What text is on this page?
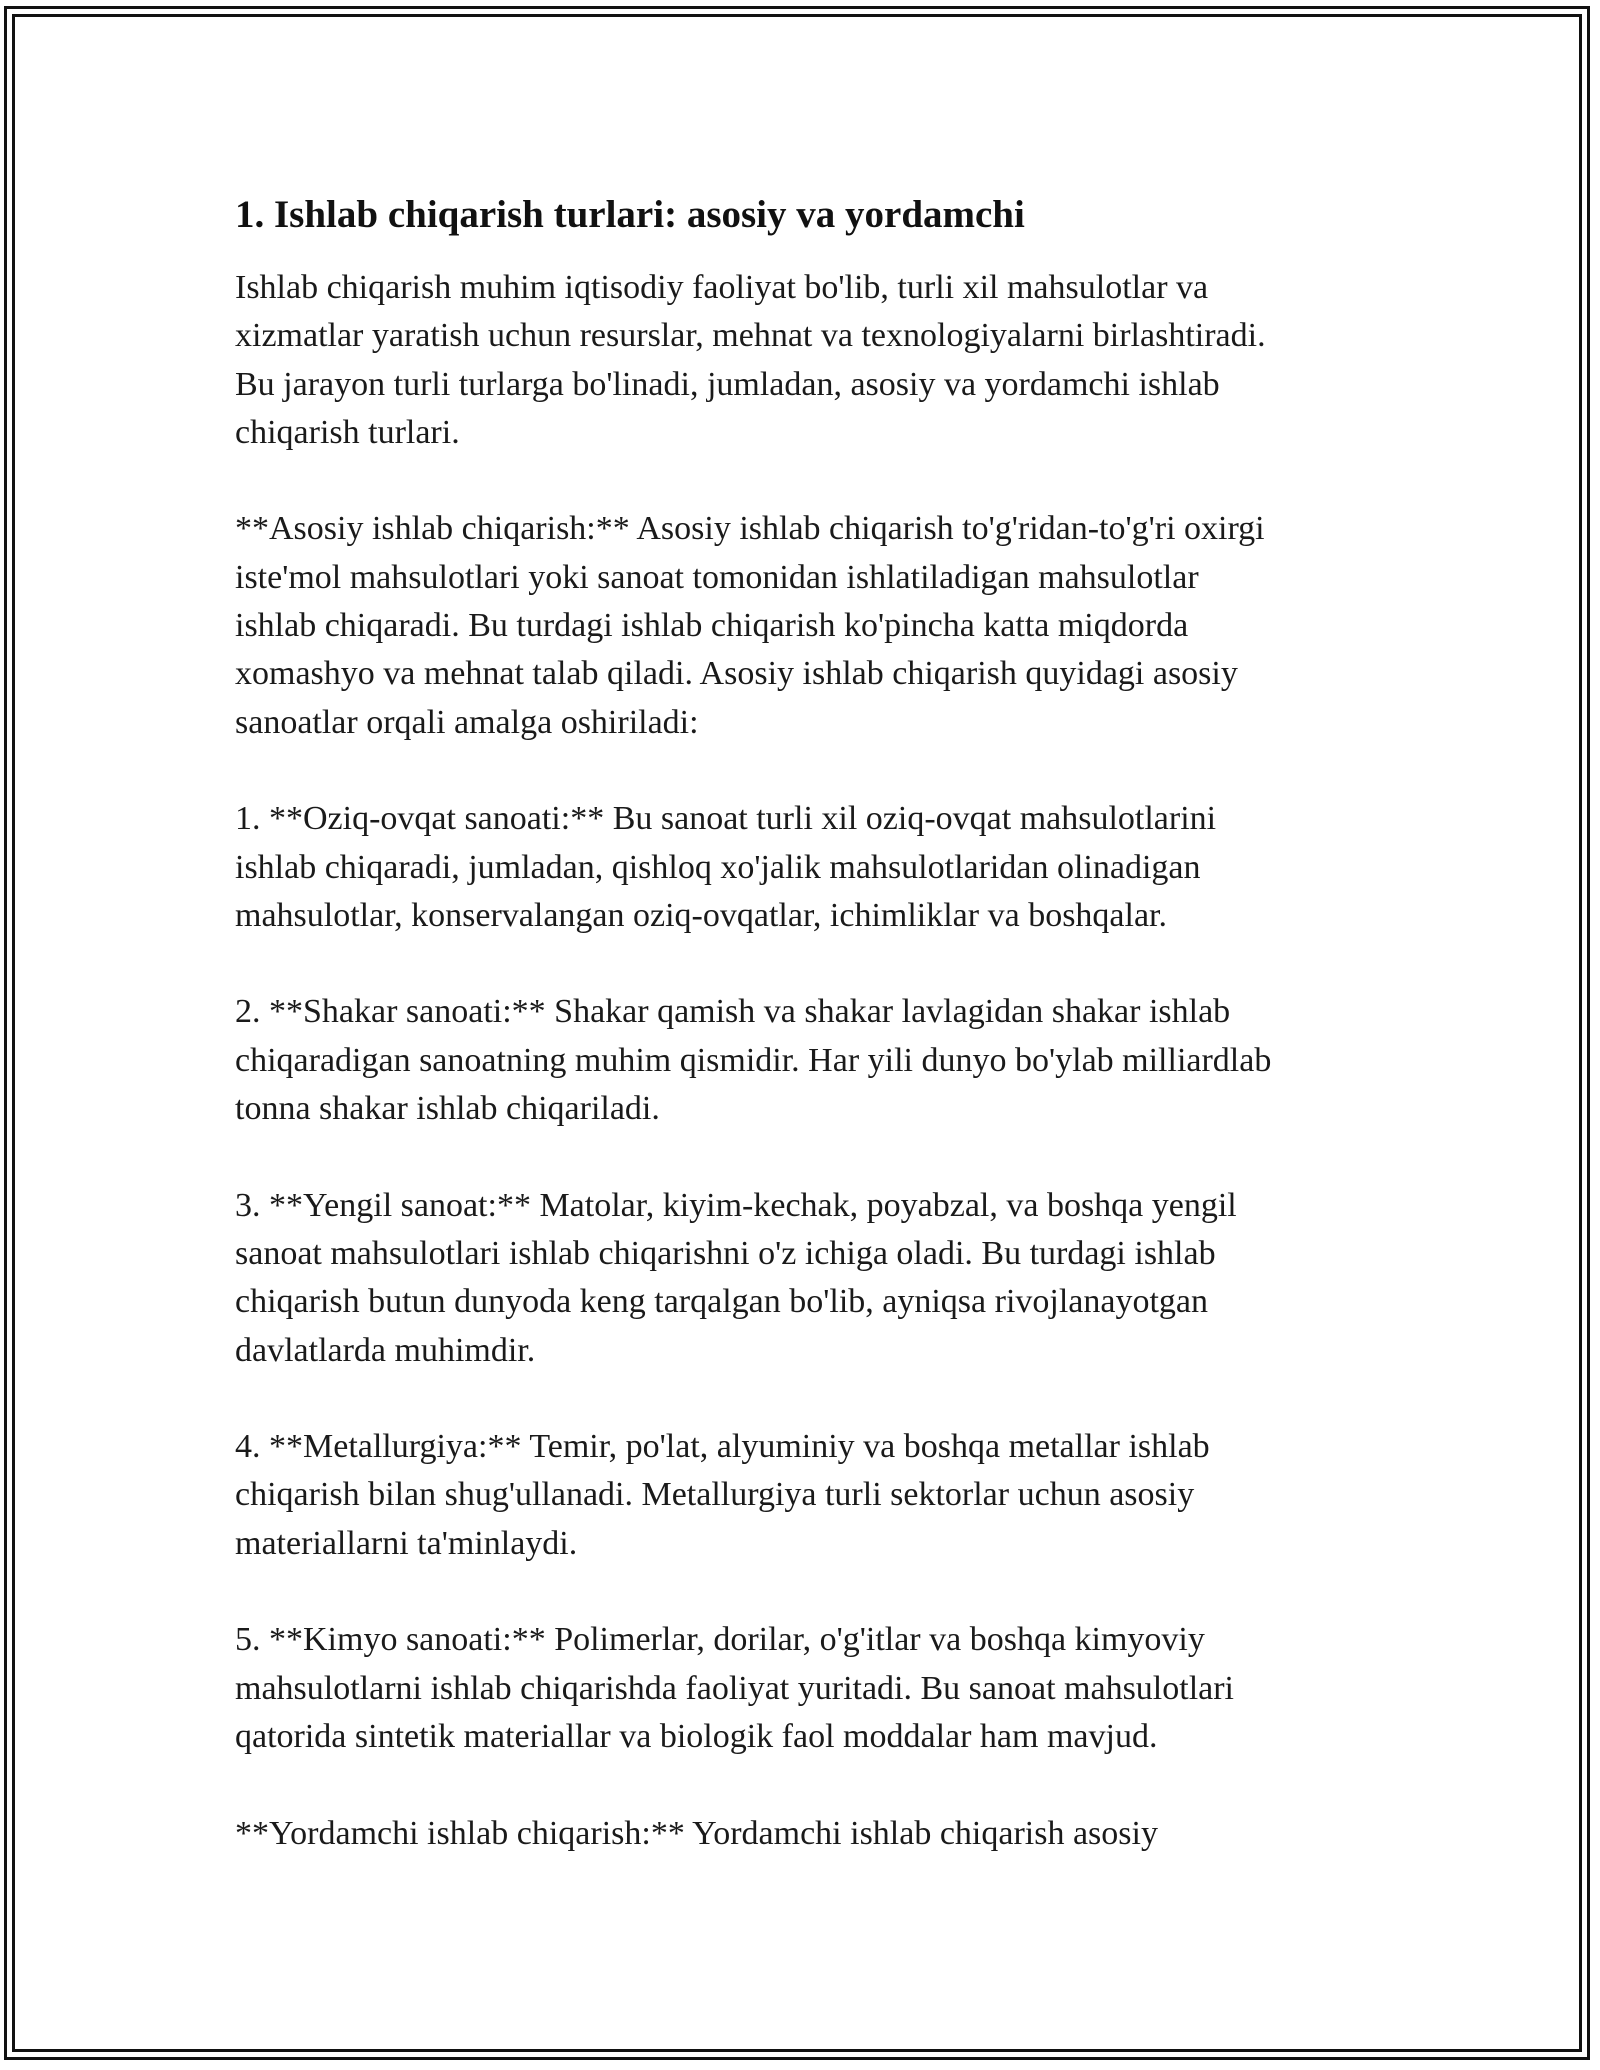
1. Ishlab chiqarish turlari: asosiy va yordamchi

Ishlab chiqarish muhim iqtisodiy faoliyat bo'lib, turli xil mahsulotlar va
xizmatlar yaratish uchun resurslar, mehnat va texnologiyalarni birlashtiradi.
Bu jarayon turli turlarga bo'linadi, jumladan, asosiy va yordamchi ishlab
chiqarish turlari.

**Asosiy ishlab chiqarish:** Asosiy ishlab chiqarish to'g'ridan-to'g'ri oxirgi
iste'mol mahsulotlari yoki sanoat tomonidan ishlatiladigan mahsulotlar
ishlab chiqaradi. Bu turdagi ishlab chiqarish ko'pincha katta miqdorda
xomashyo va mehnat talab qiladi. Asosiy ishlab chiqarish quyidagi asosiy
sanoatlar orqali amalga oshiriladi:

1. **Oziq-ovqat sanoati:** Bu sanoat turli xil oziq-ovqat mahsulotlarini
ishlab chiqaradi, jumladan, qishloq xo'jalik mahsulotlaridan olinadigan
mahsulotlar, konservalangan oziq-ovqatlar, ichimliklar va boshqalar.

2. **Shakar sanoati:** Shakar qamish va shakar lavlagidan shakar ishlab
chiqaradigan sanoatning muhim qismidir. Har yili dunyo bo'ylab milliardlab
tonna shakar ishlab chiqariladi.

3. **Yengil sanoat:** Matolar, kiyim-kechak, poyabzal, va boshqa yengil
sanoat mahsulotlari ishlab chiqarishni o'z ichiga oladi. Bu turdagi ishlab
chiqarish butun dunyoda keng tarqalgan bo'lib, ayniqsa rivojlanayotgan
davlatlarda muhimdir.

4. **Metallurgiya:** Temir, po'lat, alyuminiy va boshqa metallar ishlab
chiqarish bilan shug'ullanadi. Metallurgiya turli sektorlar uchun asosiy
materiallarni ta'minlaydi.

5. **Kimyo sanoati:** Polimerlar, dorilar, o'g'itlar va boshqa kimyoviy
mahsulotlarni ishlab chiqarishda faoliyat yuritadi. Bu sanoat mahsulotlari
qatorida sintetik materiallar va biologik faol moddalar ham mavjud.

**Yordamchi ishlab chiqarish:** Yordamchi ishlab chiqarish asosiy
